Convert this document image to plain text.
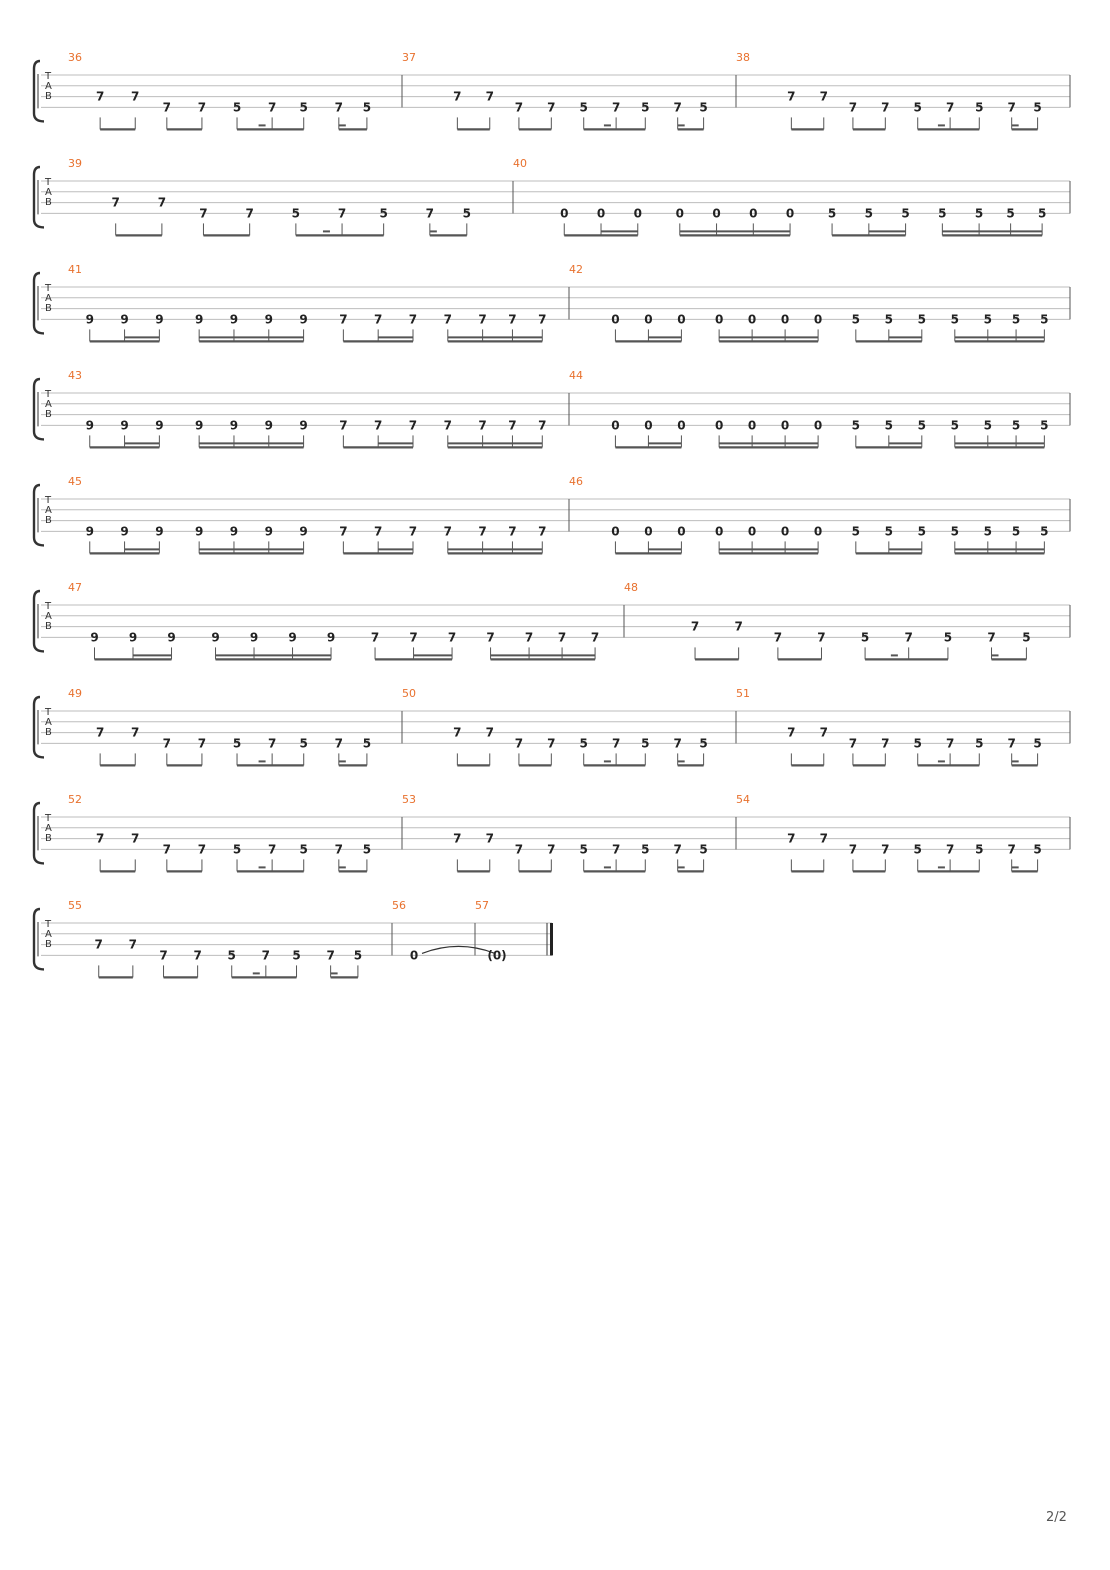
T
A
B
36
7 7
7 7 5 7 5 7 5
37
7 7
7 7 5 7 5 7 5
38
7 7
7 7 5 7 5 7 5
T
A
B
39
7	7
7	7	5	7	5	7 5
40
0 0 0	0 0 0 0	5 5 5 5 5 5 5
T
A
B
41
9 9 9	9 9 9 9	7 7 7 7 7 7 7
42
0 0 0 0 0 0 0 5 5 5 5 5 5 5
T
A
B
43
9 9 9	9 9 9 9	7 7 7 7 7 7 7
44
0 0 0 0 0 0 0 5 5 5 5 5 5 5
T
A
B
45
9 9 9	9 9 9 9	7 7 7 7 7 7 7
46
0 0 0 0 0 0 0 5 5 5 5 5 5 5
T
A
B
47
9	9	9	9	9	9	9	7	7	7	7	7 7 7
48
7	7
7	7	5	7	5	7 5
T
A
B
49
7 7
7 7 5 7 5 7 5
50
7 7
7 7 5 7 5 7 5
51
7 7
7 7 5 7 5 7 5
T
A
B
52
7 7
7 7 5 7 5 7 5
53
7 7
7 7 5 7 5 7 5
54
7 7
7 7 5 7 5 7 5
T
A
B
55
7 7
7 7 5 7 5 7 5
56
0
57
(0)
2/2
